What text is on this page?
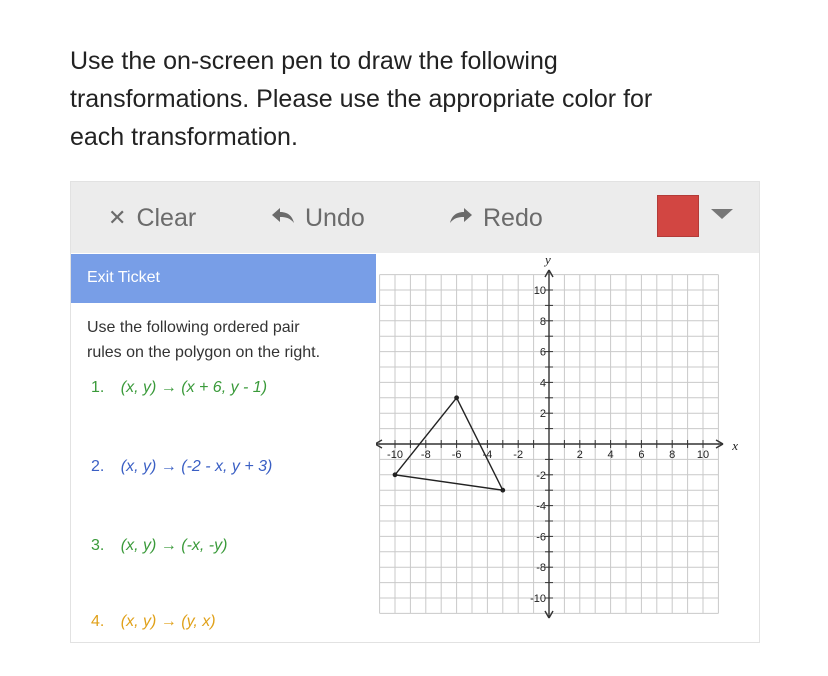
Use the on-screen pen to draw the following
transformations. Please use the appropriate color for
each transformation.

✕ Clear	Undo	Redo
Exit Ticket
Use the following ordered pair
rules on the polygon on the right.
1. (x, y) → (x + 6, y - 1)
2. (x, y) → (-2 - x, y + 3)
3. (x, y) → (-x, -y)
4. (x, y) → (y, x)
-10 -8 -6 -4 -2	2 4 6 8 10
10
8
6
4
2
-2
-4
-6
-8
-10
x
y
